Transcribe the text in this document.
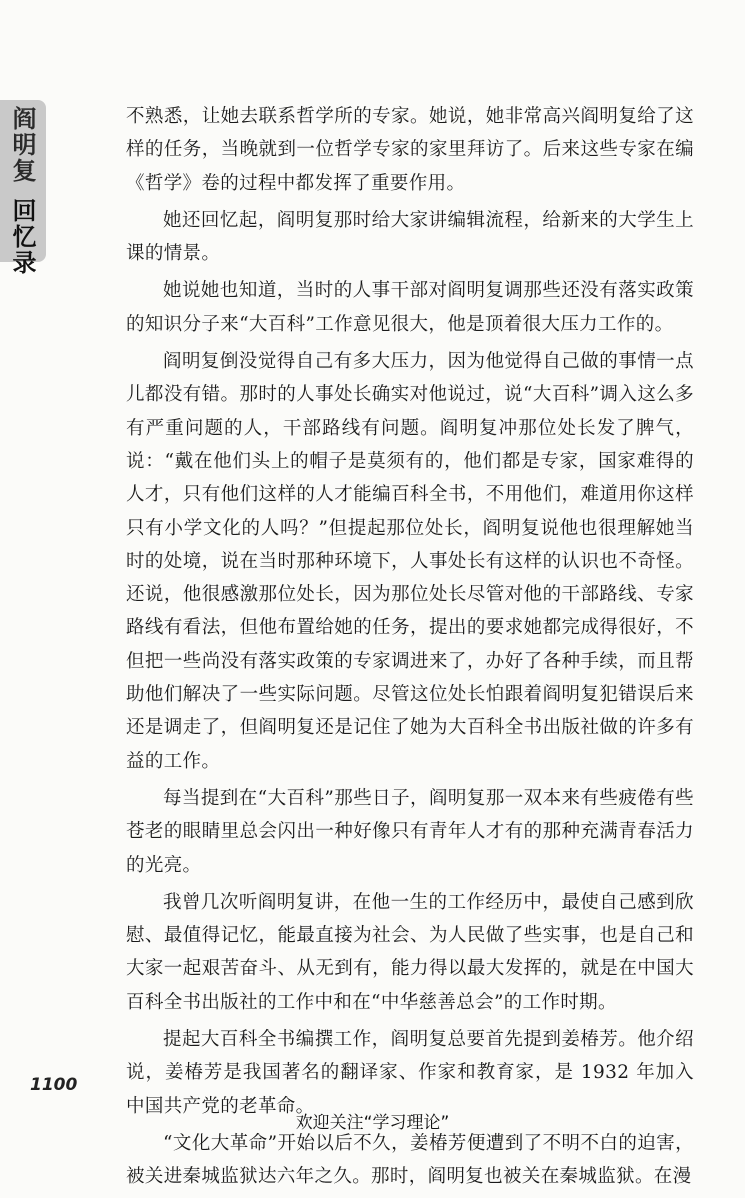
阎明复
回忆录

不熟悉，让她去联系哲学所的专家。她说，她非常高兴阎明复给了这样的任务，当晚就到一位哲学专家的家里拜访了。后来这些专家在编《哲学》卷的过程中都发挥了重要作用。

她还回忆起，阎明复那时给大家讲编辑流程，给新来的大学生上课的情景。

她说她也知道，当时的人事干部对阎明复调那些还没有落实政策的知识分子来“大百科”工作意见很大，他是顶着很大压力工作的。

阎明复倒没觉得自己有多大压力，因为他觉得自己做的事情一点儿都没有错。那时的人事处长确实对他说过，说“大百科”调入这么多有严重问题的人，干部路线有问题。阎明复冲那位处长发了脾气，说：“戴在他们头上的帽子是莫须有的，他们都是专家，国家难得的人才，只有他们这样的人才能编百科全书，不用他们，难道用你这样只有小学文化的人吗？”但提起那位处长，阎明复说他也很理解她当时的处境，说在当时那种环境下，人事处长有这样的认识也不奇怪。还说，他很感激那位处长，因为那位处长尽管对他的干部路线、专家路线有看法，但他布置给她的任务，提出的要求她都完成得很好，不但把一些尚没有落实政策的专家调进来了，办好了各种手续，而且帮助他们解决了一些实际问题。尽管这位处长怕跟着阎明复犯错误后来还是调走了，但阎明复还是记住了她为大百科全书出版社做的许多有益的工作。

每当提到在“大百科”那些日子，阎明复那一双本来有些疲倦有些苍老的眼睛里总会闪出一种好像只有青年人才有的那种充满青春活力的光亮。

我曾几次听阎明复讲，在他一生的工作经历中，最使自己感到欣慰、最值得记忆，能最直接为社会、为人民做了些实事，也是自己和大家一起艰苦奋斗、从无到有，能力得以最大发挥的，就是在中国大百科全书出版社的工作中和在“中华慈善总会”的工作时期。

提起大百科全书编撰工作，阎明复总要首先提到姜椿芳。他介绍说，姜椿芳是我国著名的翻译家、作家和教育家，是 1932 年加入中国共产党的老革命。

“文化大革命”开始以后不久，姜椿芳便遭到了不明不白的迫害，被关进秦城监狱达六年之久。那时，阎明复也被关在秦城监狱。在漫

1100
欢迎关注“学习理论”
